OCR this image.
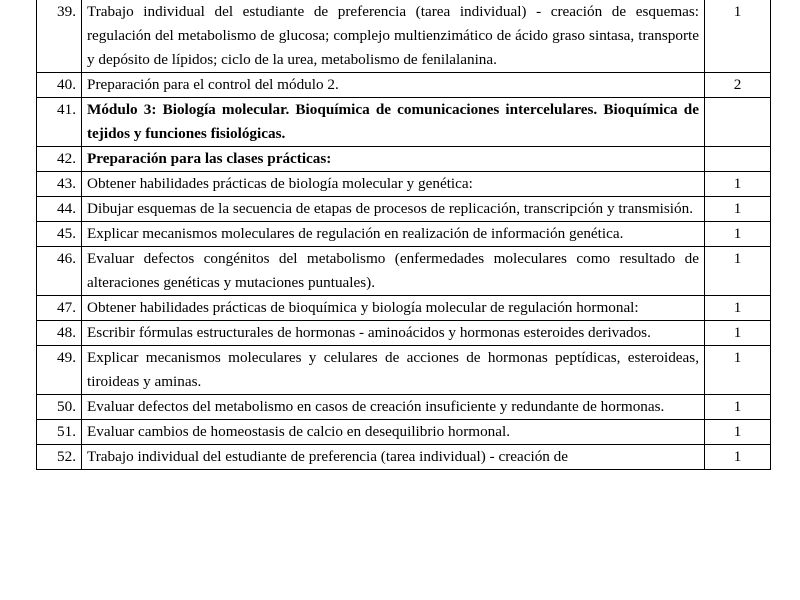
39.	Trabajo individual del estudiante de preferencia (tarea individual) - creación de esquemas: regulación del metabolismo de glucosa; complejo multienzimático de ácido graso sintasa, transporte y depósito de lípidos; ciclo de la urea, metabolismo de fenilalanina.	1
40.	Preparación para el control del módulo 2.	2
41.	Módulo 3: Biología molecular. Bioquímica de comunicaciones intercelulares. Bioquímica de tejidos y funciones fisiológicas.	
42.	Preparación para las clases prácticas:	
43.	Obtener habilidades prácticas de biología molecular y genética:	1
44.	Dibujar esquemas de la secuencia de etapas de procesos de replicación, transcripción y transmisión.	1
45.	Explicar mecanismos moleculares de regulación en realización de información genética.	1
46.	Evaluar defectos congénitos del metabolismo (enfermedades moleculares como resultado de alteraciones genéticas y mutaciones puntuales).	1
47.	Obtener habilidades prácticas de bioquímica y biología molecular de regulación hormonal:	1
48.	Escribir fórmulas estructurales de hormonas - aminoácidos y hormonas esteroides derivados.	1
49.	Explicar mecanismos moleculares y celulares de acciones de hormonas peptídicas, esteroideas, tiroideas y aminas.	1
50.	Evaluar defectos del metabolismo en casos de creación insuficiente y redundante de hormonas.	1
51.	Evaluar cambios de homeostasis de calcio en desequilibrio hormonal.	1
52.	Trabajo individual del estudiante de preferencia (tarea individual) - creación de	1
